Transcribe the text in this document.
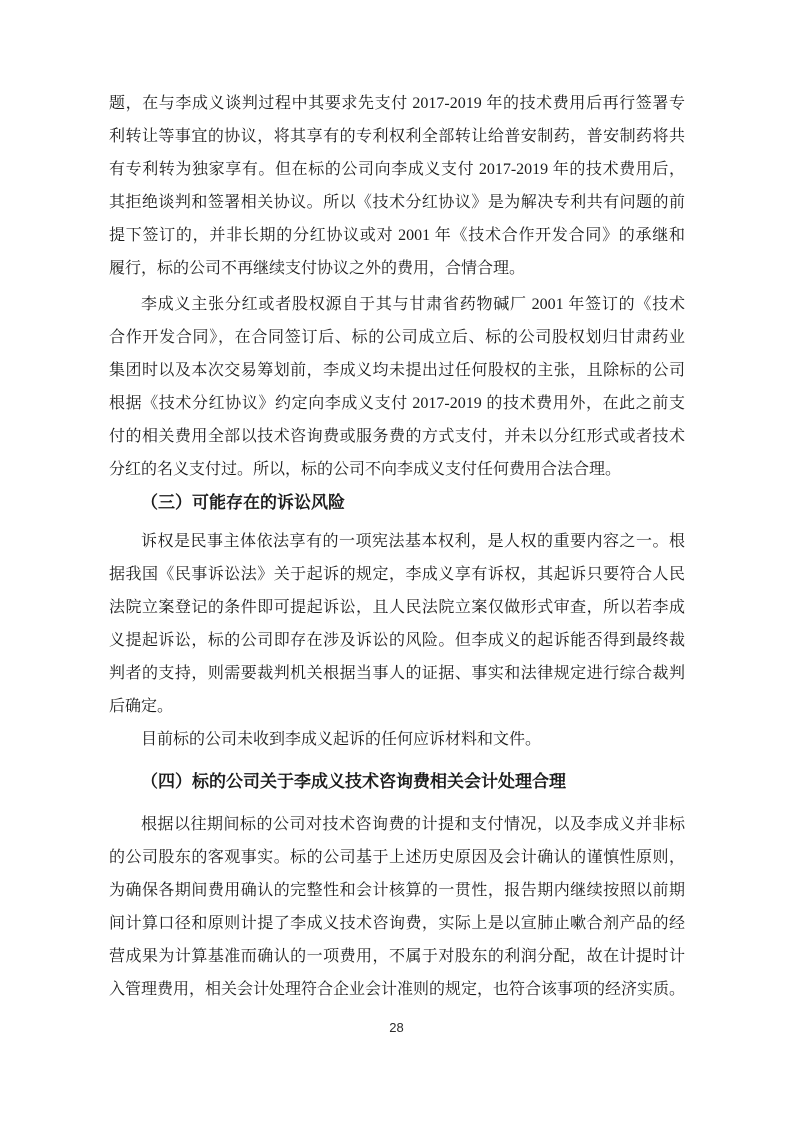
题，在与李成义谈判过程中其要求先支付 2017-2019 年的技术费用后再行签署专
利转让等事宜的协议，将其享有的专利权利全部转让给普安制药，普安制药将共
有专利转为独家享有。但在标的公司向李成义支付 2017-2019 年的技术费用后，
其拒绝谈判和签署相关协议。所以《技术分红协议》是为解决专利共有问题的前
提下签订的，并非长期的分红协议或对 2001 年《技术合作开发合同》的承继和
履行，标的公司不再继续支付协议之外的费用，合情合理。
李成义主张分红或者股权源自于其与甘肃省药物碱厂 2001 年签订的《技术
合作开发合同》，在合同签订后、标的公司成立后、标的公司股权划归甘肃药业
集团时以及本次交易筹划前，李成义均未提出过任何股权的主张，且除标的公司
根据《技术分红协议》约定向李成义支付 2017-2019 的技术费用外，在此之前支
付的相关费用全部以技术咨询费或服务费的方式支付，并未以分红形式或者技术
分红的名义支付过。所以，标的公司不向李成义支付任何费用合法合理。
（三）可能存在的诉讼风险
诉权是民事主体依法享有的一项宪法基本权利，是人权的重要内容之一。根
据我国《民事诉讼法》关于起诉的规定，李成义享有诉权，其起诉只要符合人民
法院立案登记的条件即可提起诉讼，且人民法院立案仅做形式审查，所以若李成
义提起诉讼，标的公司即存在涉及诉讼的风险。但李成义的起诉能否得到最终裁
判者的支持，则需要裁判机关根据当事人的证据、事实和法律规定进行综合裁判
后确定。
目前标的公司未收到李成义起诉的任何应诉材料和文件。
（四）标的公司关于李成义技术咨询费相关会计处理合理
根据以往期间标的公司对技术咨询费的计提和支付情况，以及李成义并非标
的公司股东的客观事实。标的公司基于上述历史原因及会计确认的谨慎性原则，
为确保各期间费用确认的完整性和会计核算的一贯性，报告期内继续按照以前期
间计算口径和原则计提了李成义技术咨询费，实际上是以宣肺止嗽合剂产品的经
营成果为计算基准而确认的一项费用，不属于对股东的利润分配，故在计提时计
入管理费用，相关会计处理符合企业会计准则的规定，也符合该事项的经济实质。
28
